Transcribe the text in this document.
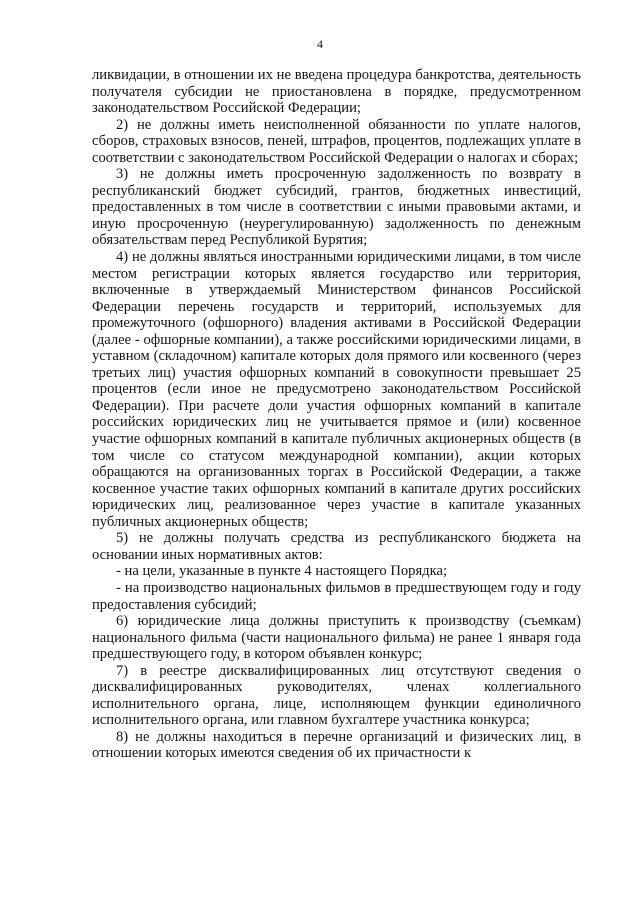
4

ликвидации, в отношении их не введена процедура банкротства, деятельность получателя субсидии не приостановлена в порядке, предусмотренном законодательством Российской Федерации;

2) не должны иметь неисполненной обязанности по уплате налогов, сборов, страховых взносов, пеней, штрафов, процентов, подлежащих уплате в соответствии с законодательством Российской Федерации о налогах и сборах;

3) не должны иметь просроченную задолженность по возврату в республиканский бюджет субсидий, грантов, бюджетных инвестиций, предоставленных в том числе в соответствии с иными правовыми актами, и иную просроченную (неурегулированную) задолженность по денежным обязательствам перед Республикой Бурятия;

4) не должны являться иностранными юридическими лицами, в том числе местом регистрации которых является государство или территория, включенные в утверждаемый Министерством финансов Российской Федерации перечень государств и территорий, используемых для промежуточного (офшорного) владения активами в Российской Федерации (далее - офшорные компании), а также российскими юридическими лицами, в уставном (складочном) капитале которых доля прямого или косвенного (через третьих лиц) участия офшорных компаний в совокупности превышает 25 процентов (если иное не предусмотрено законодательством Российской Федерации). При расчете доли участия офшорных компаний в капитале российских юридических лиц не учитывается прямое и (или) косвенное участие офшорных компаний в капитале публичных акционерных обществ (в том числе со статусом международной компании), акции которых обращаются на организованных торгах в Российской Федерации, а также косвенное участие таких офшорных компаний в капитале других российских юридических лиц, реализованное через участие в капитале указанных публичных акционерных обществ;

5) не должны получать средства из республиканского бюджета на основании иных нормативных актов:

- на цели, указанные в пункте 4 настоящего Порядка;

- на производство национальных фильмов в предшествующем году и году предоставления субсидий;

6) юридические лица должны приступить к производству (съемкам) национального фильма (части национального фильма) не ранее 1 января года предшествующего году, в котором объявлен конкурс;

7) в реестре дисквалифицированных лиц отсутствуют сведения о дисквалифицированных руководителях, членах коллегиального исполнительного органа, лице, исполняющем функции единоличного исполнительного органа, или главном бухгалтере участника конкурса;

8) не должны находиться в перечне организаций и физических лиц, в отношении которых имеются сведения об их причастности к
